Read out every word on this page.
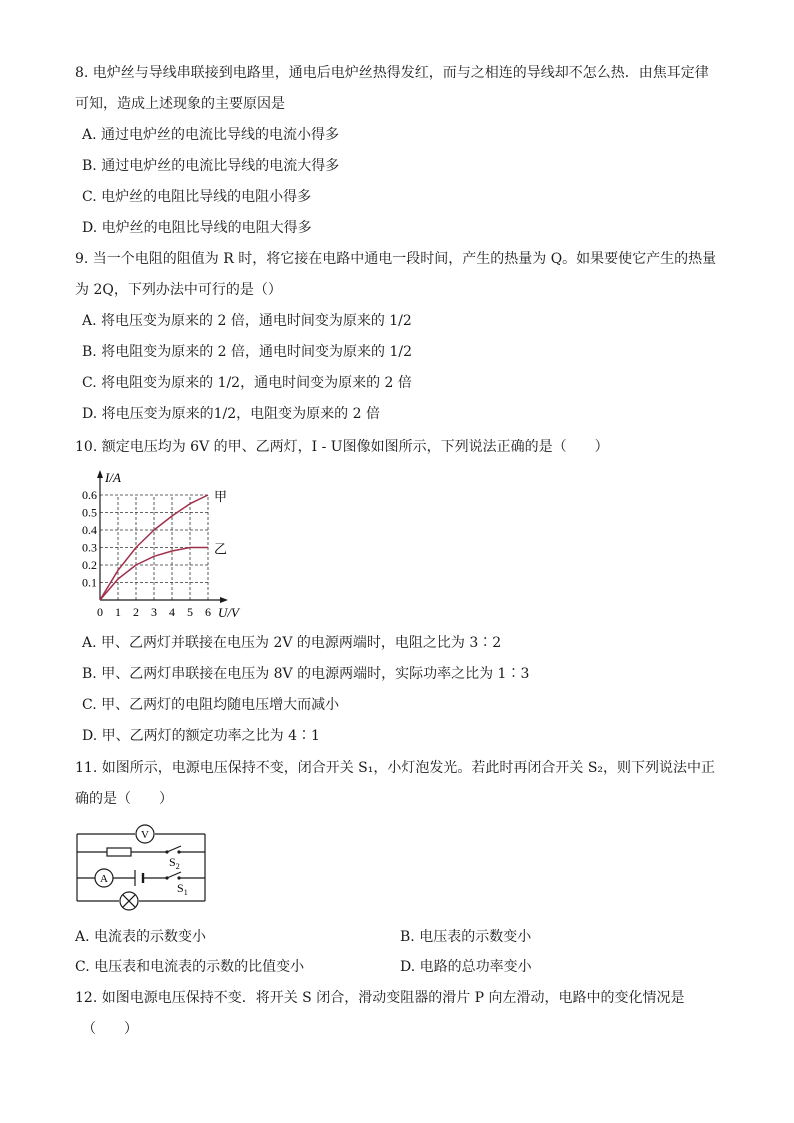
8. 电炉丝与导线串联接到电路里，通电后电炉丝热得发红，而与之相连的导线却不怎么热．由焦耳定律
可知，造成上述现象的主要原因是
A. 通过电炉丝的电流比导线的电流小得多
B. 通过电炉丝的电流比导线的电流大得多
C. 电炉丝的电阻比导线的电阻小得多
D. 电炉丝的电阻比导线的电阻大得多
9. 当一个电阻的阻值为 R 时，将它接在电路中通电一段时间，产生的热量为 Q。如果要使它产生的热量
为 2Q，下列办法中可行的是（）
A. 将电压变为原来的 2 倍，通电时间变为原来的 1/2
B. 将电阻变为原来的 2 倍，通电时间变为原来的 1/2
C. 将电阻变为原来的 1/2，通电时间变为原来的 2 倍
D. 将电压变为原来的1/2，电阻变为原来的 2 倍
10. 额定电压均为 6V 的甲、乙两灯，I - U图像如图所示，下列说法正确的是（　　）
0 1 2 3 4 5 6
0.1
0.2
0.3
0.4
0.5
0.6	甲
乙
I/A
U/V
A. 甲、乙两灯并联接在电压为 2V 的电源两端时，电阻之比为 3∶2
B. 甲、乙两灯串联接在电压为 8V 的电源两端时，实际功率之比为 1∶3
C. 甲、乙两灯的电阻均随电压增大而减小
D. 甲、乙两灯的额定功率之比为 4∶1
11. 如图所示，电源电压保持不变，闭合开关 S₁，小灯泡发光。若此时再闭合开关 S₂，则下列说法中正
确的是（　　）
V
$S_2$
A
$S_1$
A. 电流表的示数变小	B. 电压表的示数变小
C. 电压表和电流表的示数的比值变小	D. 电路的总功率变小
12. 如图电源电压保持不变．将开关 S 闭合，滑动变阻器的滑片 P 向左滑动，电路中的变化情况是
（　　）
